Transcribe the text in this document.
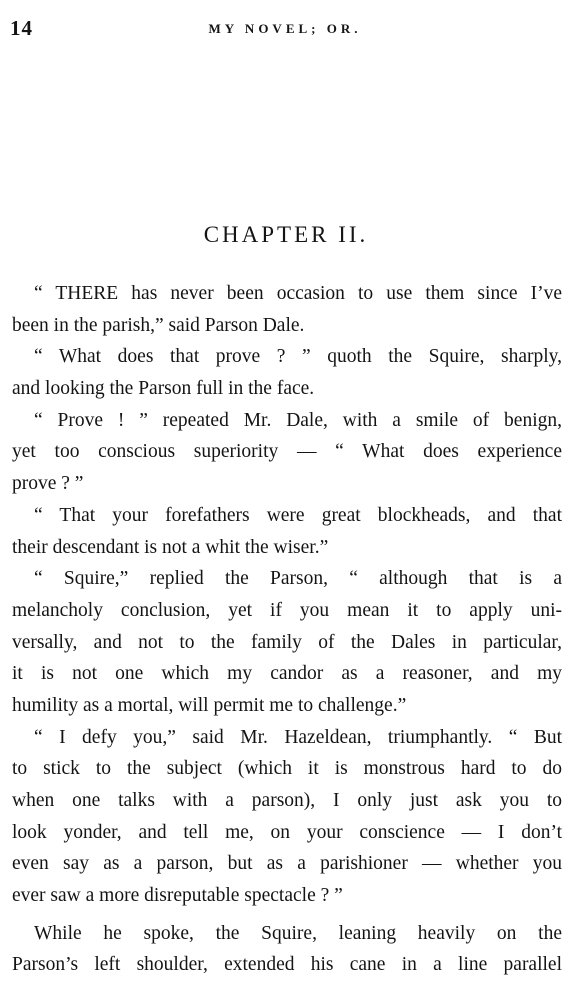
14	MY NOVEL; OR.
CHAPTER II.
“ THERE has never been occasion to use them since I’ve
been in the parish,” said Parson Dale.
“ What does that prove ? ” quoth the Squire, sharply,
and looking the Parson full in the face.
“ Prove ! ” repeated Mr. Dale, with a smile of benign,
yet too conscious superiority — “ What does experience
prove ? ”
“ That your forefathers were great blockheads, and that
their descendant is not a whit the wiser.”
“ Squire,” replied the Parson, “ although that is a
melancholy conclusion, yet if you mean it to apply uni-
versally, and not to the family of the Dales in particular,
it is not one which my candor as a reasoner, and my
humility as a mortal, will permit me to challenge.”
“ I defy you,” said Mr. Hazeldean, triumphantly. “ But
to stick to the subject (which it is monstrous hard to do
when one talks with a parson), I only just ask you to
look yonder, and tell me, on your conscience — I don’t
even say as a parson, but as a parishioner — whether you
ever saw a more disreputable spectacle ? ”
While he spoke, the Squire, leaning heavily on the
Parson’s left shoulder, extended his cane in a line parallel
